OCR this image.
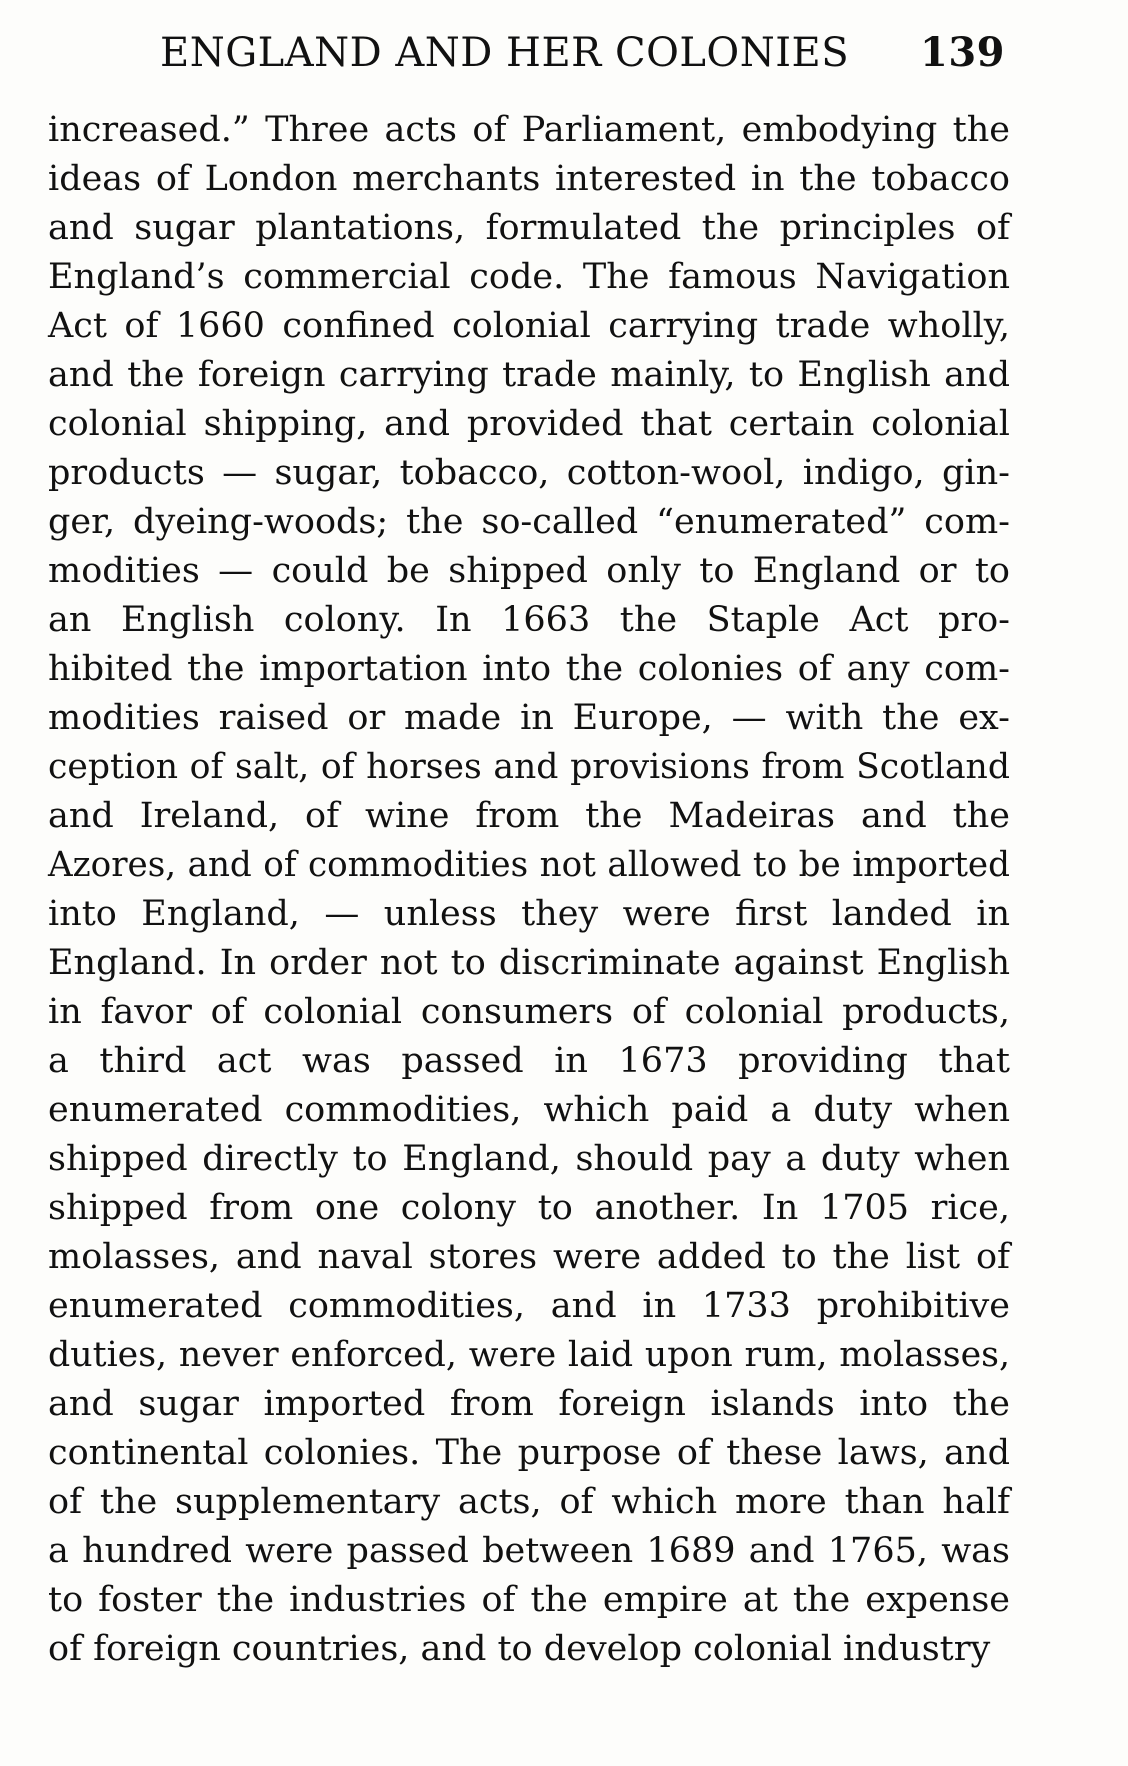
ENGLAND AND HER COLONIES 139
increased.” Three acts of Parliament, embodying the
ideas of London merchants interested in the tobacco
and sugar plantations, formulated the principles of
England’s commercial code. The famous Navigation
Act of 1660 confined colonial carrying trade wholly,
and the foreign carrying trade mainly, to English and
colonial shipping, and provided that certain colonial
products — sugar, tobacco, cotton-wool, indigo, gin-
ger, dyeing-woods; the so-called “enumerated” com-
modities — could be shipped only to England or to
an English colony. In 1663 the Staple Act pro-
hibited the importation into the colonies of any com-
modities raised or made in Europe, — with the ex-
ception of salt, of horses and provisions from Scotland
and Ireland, of wine from the Madeiras and the
Azores, and of commodities not allowed to be imported
into England, — unless they were first landed in
England. In order not to discriminate against English
in favor of colonial consumers of colonial products,
a third act was passed in 1673 providing that
enumerated commodities, which paid a duty when
shipped directly to England, should pay a duty when
shipped from one colony to another. In 1705 rice,
molasses, and naval stores were added to the list of
enumerated commodities, and in 1733 prohibitive
duties, never enforced, were laid upon rum, molasses,
and sugar imported from foreign islands into the
continental colonies. The purpose of these laws, and
of the supplementary acts, of which more than half
a hundred were passed between 1689 and 1765, was
to foster the industries of the empire at the expense
of foreign countries, and to develop colonial industry
